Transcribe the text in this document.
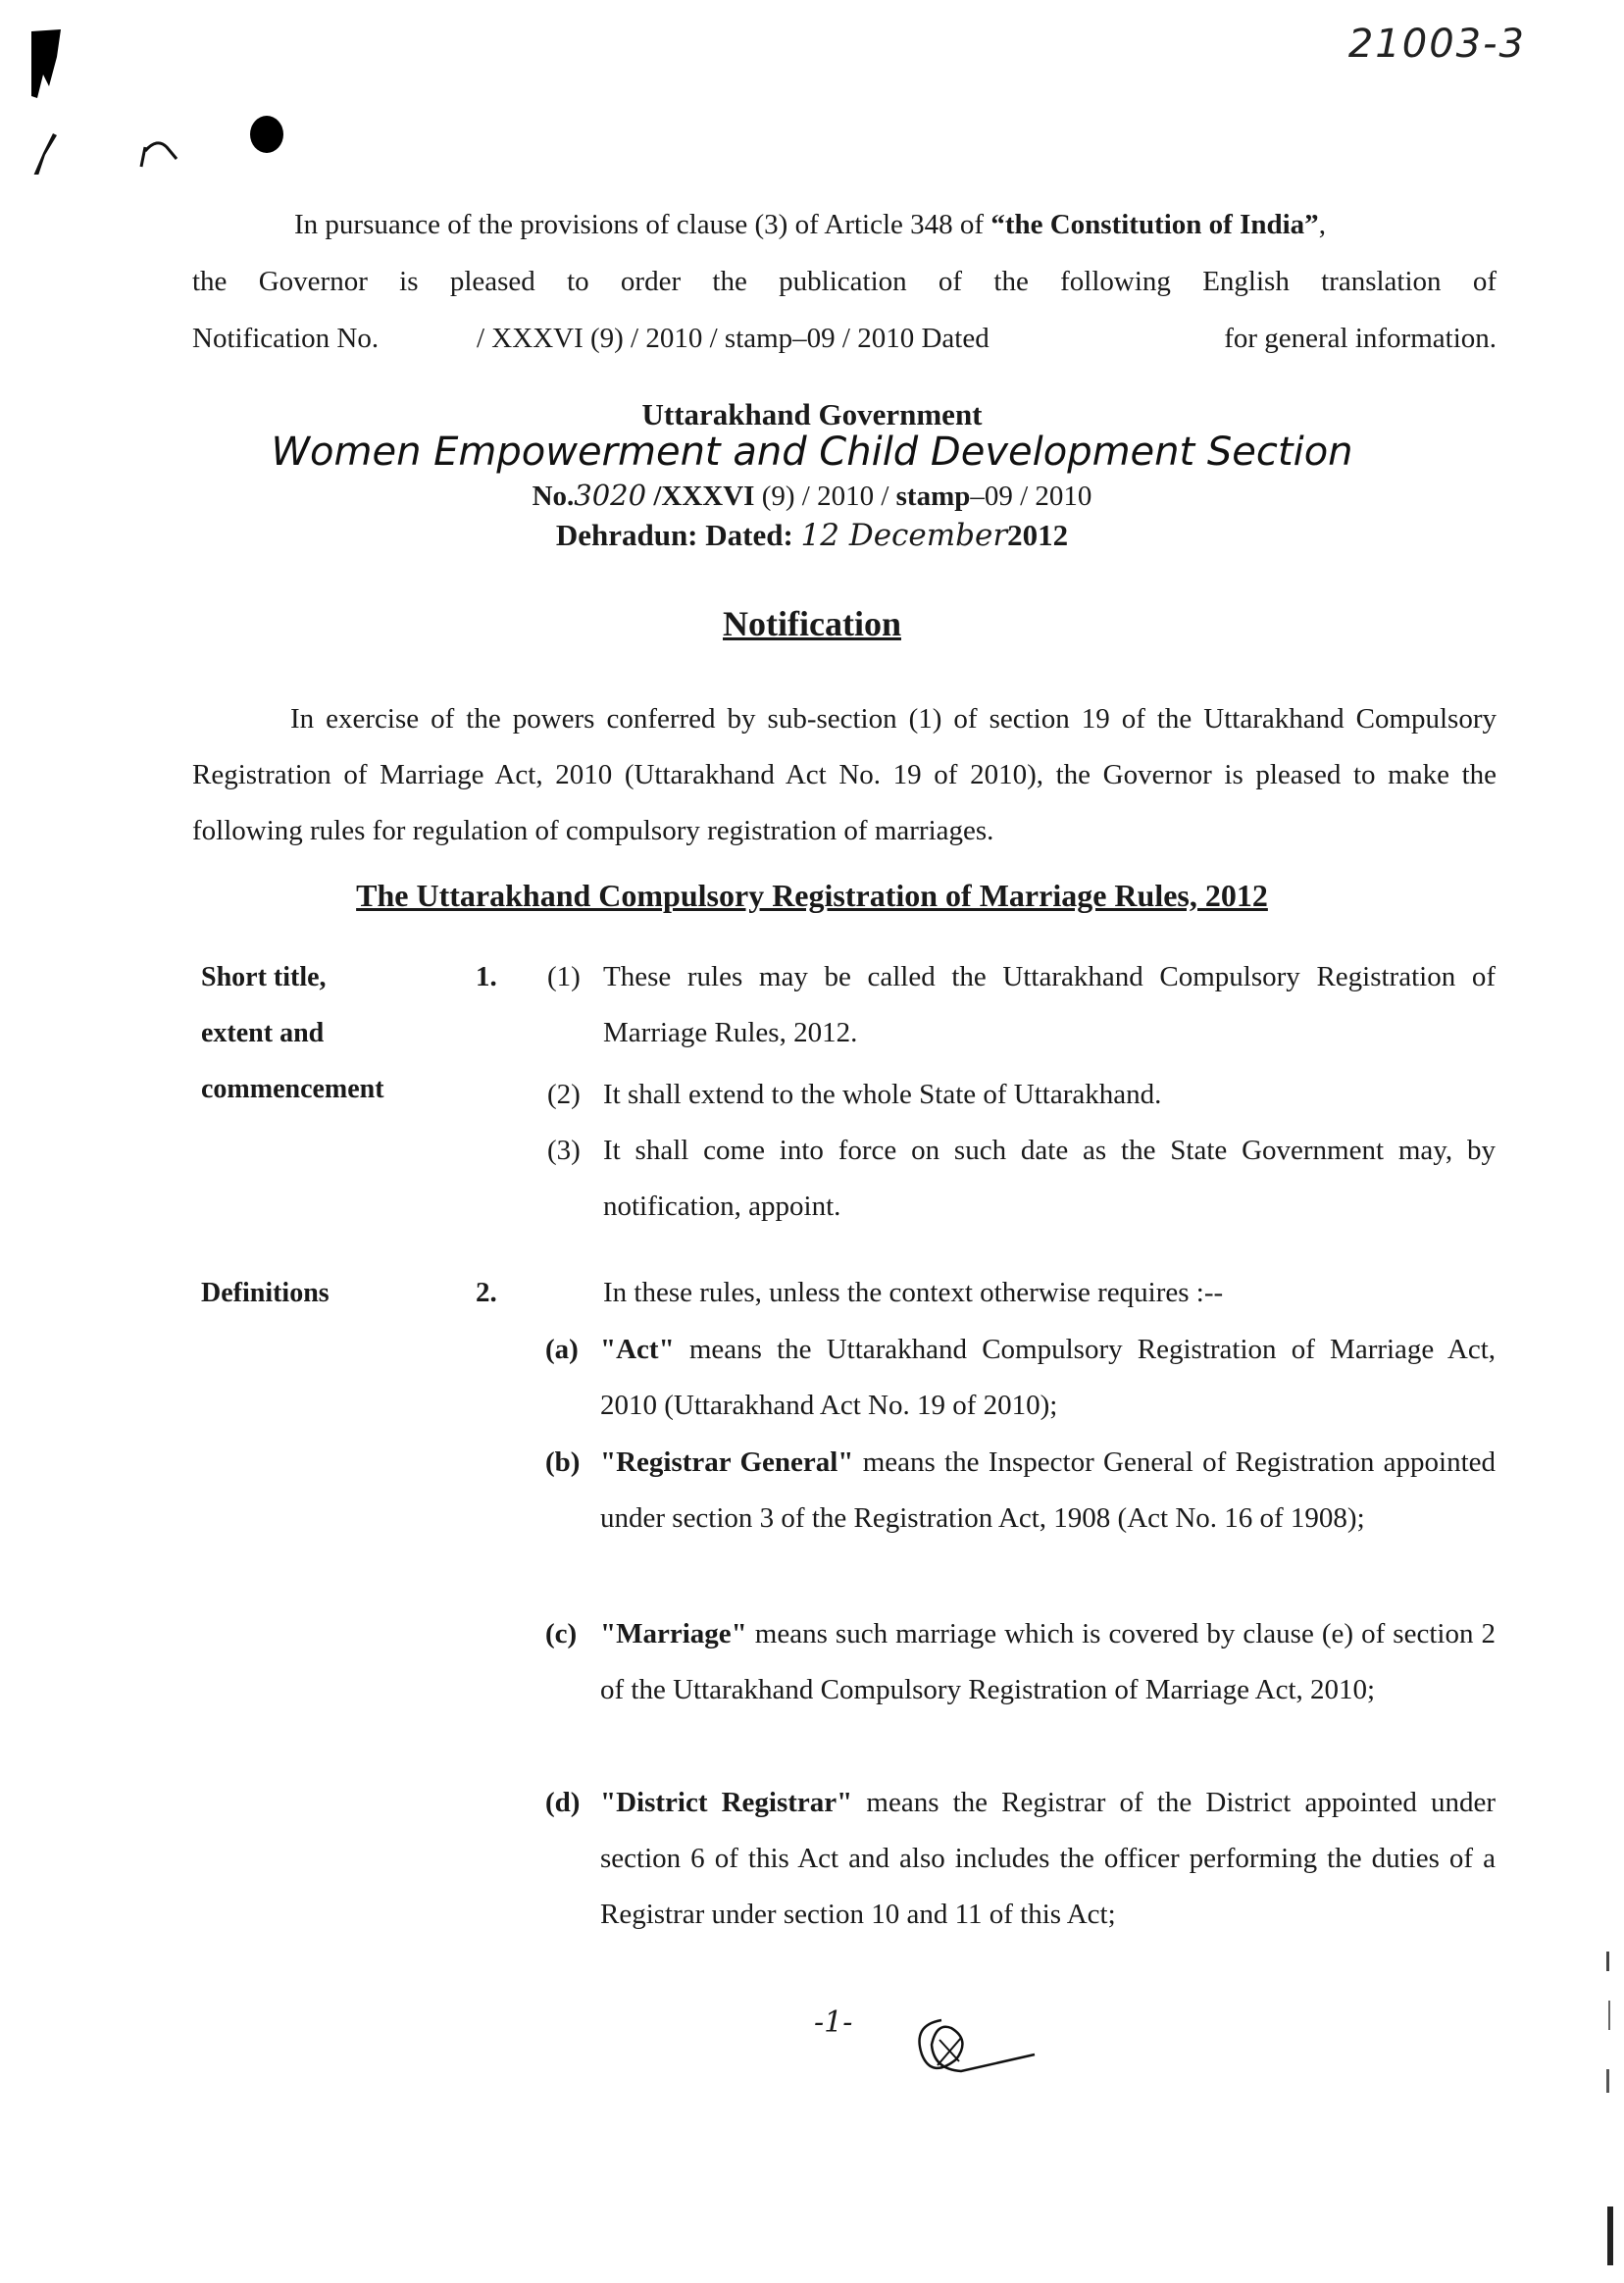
21003-3

In pursuance of the provisions of clause (3) of Article 348 of “the Constitution of India”,

the Governor is pleased to order the publication of the following English translation of
Notification No.	/ XXXVI (9) / 2010 / stamp–09 / 2010 Dated	for general information.
Uttarakhand Government
Women Empowerment and Child Development Section
No.3020 /XXXVI (9) / 2010 / stamp–09 / 2010
Dehradun: Dated: 12 December2012
Notification

In exercise of the powers conferred by sub-section (1) of section 19 of the Uttarakhand Compulsory Registration of Marriage Act, 2010 (Uttarakhand Act No. 19 of 2010), the Governor is pleased to make the following rules for regulation of compulsory registration of marriages.

The Uttarakhand Compulsory Registration of Marriage Rules, 2012
Short title,
extent and
commencement
1. (1) These rules may be called the Uttarakhand Compulsory Registration of Marriage Rules, 2012.

(2) It shall extend to the whole State of Uttarakhand.

(3) It shall come into force on such date as the State Government may, by notification, appoint.

Definitions	2.	In these rules, unless the context otherwise requires :--
(a) "Act" means the Uttarakhand Compulsory Registration of Marriage Act, 2010 (Uttarakhand Act No. 19 of 2010);

(b) "Registrar General" means the Inspector General of Registration appointed under section 3 of the Registration Act, 1908 (Act No. 16 of 1908);

(c) "Marriage" means such marriage which is covered by clause (e) of section 2 of the Uttarakhand Compulsory Registration of Marriage Act, 2010;

(d) "District Registrar" means the Registrar of the District appointed under section 6 of this Act and also includes the officer performing the duties of a Registrar under section 10 and 11 of this Act;

-1-
